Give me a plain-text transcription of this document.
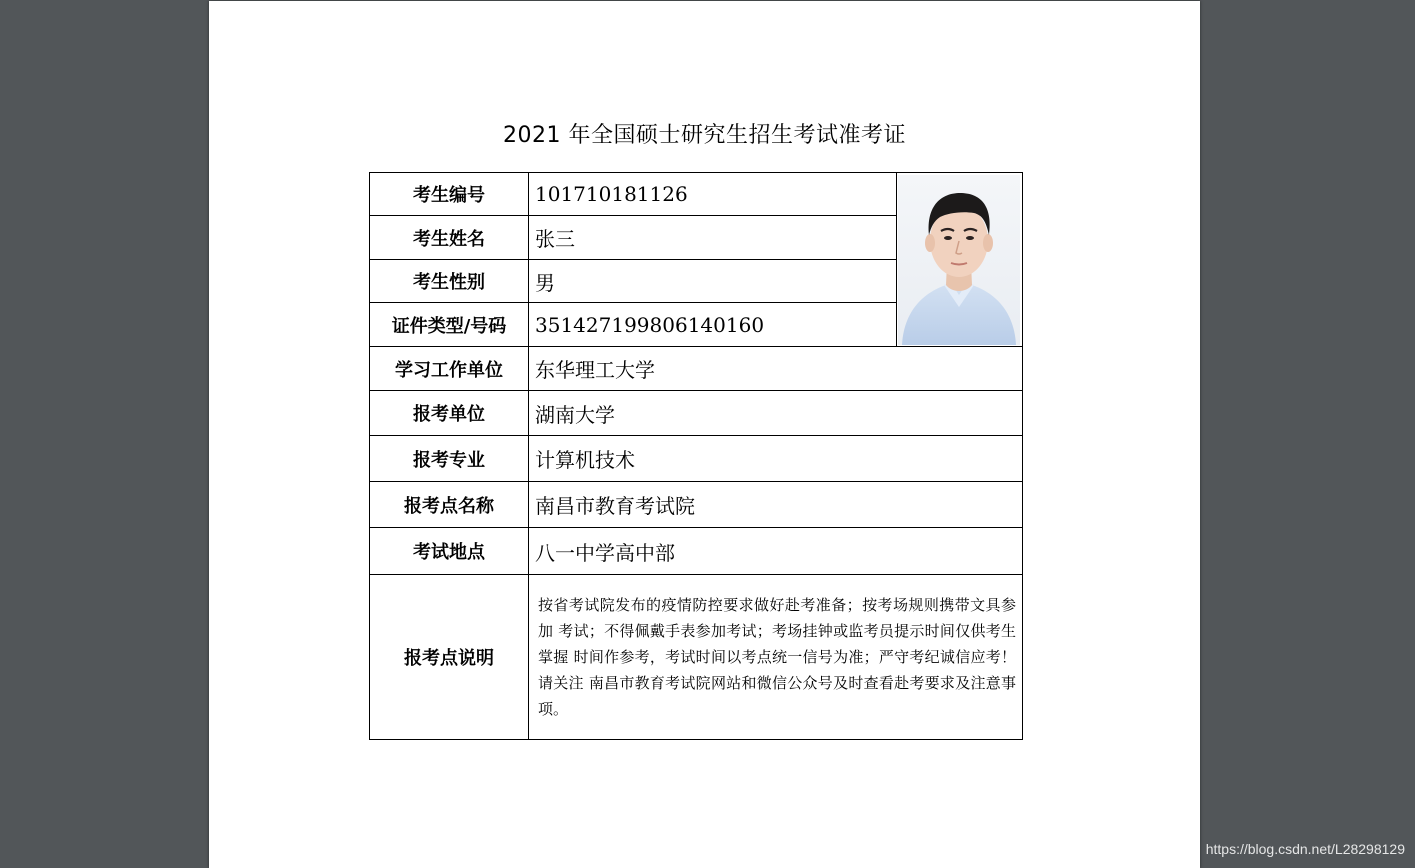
2021 年全国硕士研究生招生考试准考证
考生编号	101710181126	

考生姓名	张三	
考生性别	男	
证件类型/号码	351427199806140160	
学习工作单位	东华理工大学	
报考单位	湖南大学	
报考专业	计算机技术	
报考点名称	南昌市教育考试院	
考试地点	八一中学高中部	
报考点说明	按省考试院发布的疫情防控要求做好赴考准备；按考场规则携带文具参加 考试；不得佩戴手表参加考试；考场挂钟或监考员提示时间仅供考生掌握 时间作参考，考试时间以考点统一信号为准；严守考纪诚信应考！请关注 南昌市教育考试院网站和微信公众号及时查看赴考要求及注意事项。	
https://blog.csdn.net/L28298129
